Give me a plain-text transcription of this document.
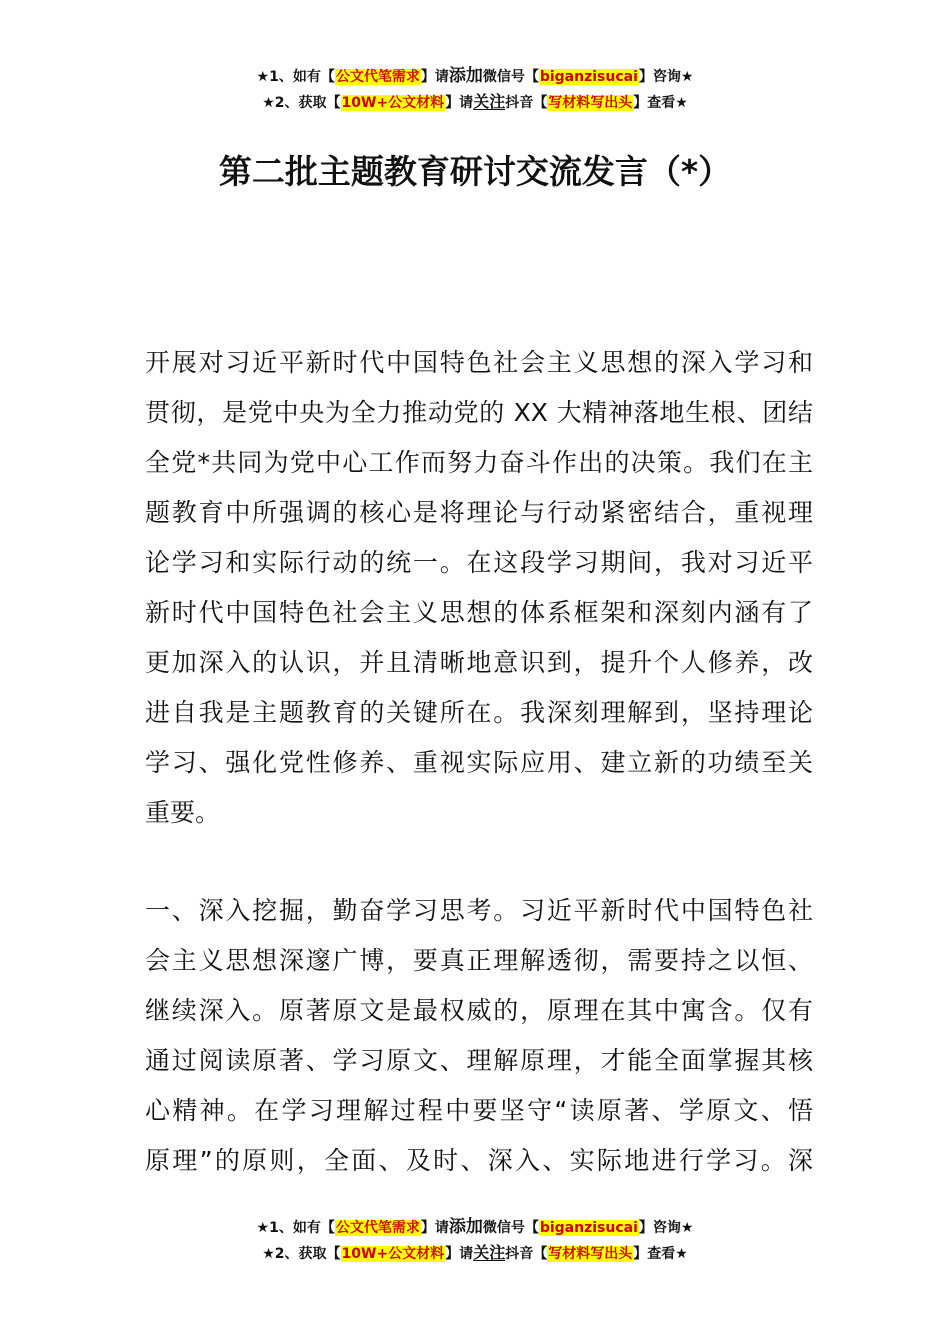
★1、如有【公文代笔需求】请添加微信号【biganzisucai】咨询★
★2、获取【10W+公文材料】请关注抖音【写材料写出头】查看★
第二批主题教育研讨交流发言（*）
开展对习近平新时代中国特色社会主义思想的深入学习和
贯彻，是党中央为全力推动党的 XX 大精神落地生根、团结
全党*共同为党中心工作而努力奋斗作出的决策。我们在主
题教育中所强调的核心是将理论与行动紧密结合，重视理
论学习和实际行动的统一。在这段学习期间，我对习近平
新时代中国特色社会主义思想的体系框架和深刻内涵有了
更加深入的认识，并且清晰地意识到，提升个人修养，改
进自我是主题教育的关键所在。我深刻理解到，坚持理论
学习、强化党性修养、重视实际应用、建立新的功绩至关
重要。
一、深入挖掘，勤奋学习思考。习近平新时代中国特色社
会主义思想深邃广博，要真正理解透彻，需要持之以恒、
继续深入。原著原文是最权威的，原理在其中寓含。仅有
通过阅读原著、学习原文、理解原理，才能全面掌握其核
心精神。在学习理解过程中要坚守“读原著、学原文、悟
原理”的原则，全面、及时、深入、实际地进行学习。深
★1、如有【公文代笔需求】请添加微信号【biganzisucai】咨询★
★2、获取【10W+公文材料】请关注抖音【写材料写出头】查看★
